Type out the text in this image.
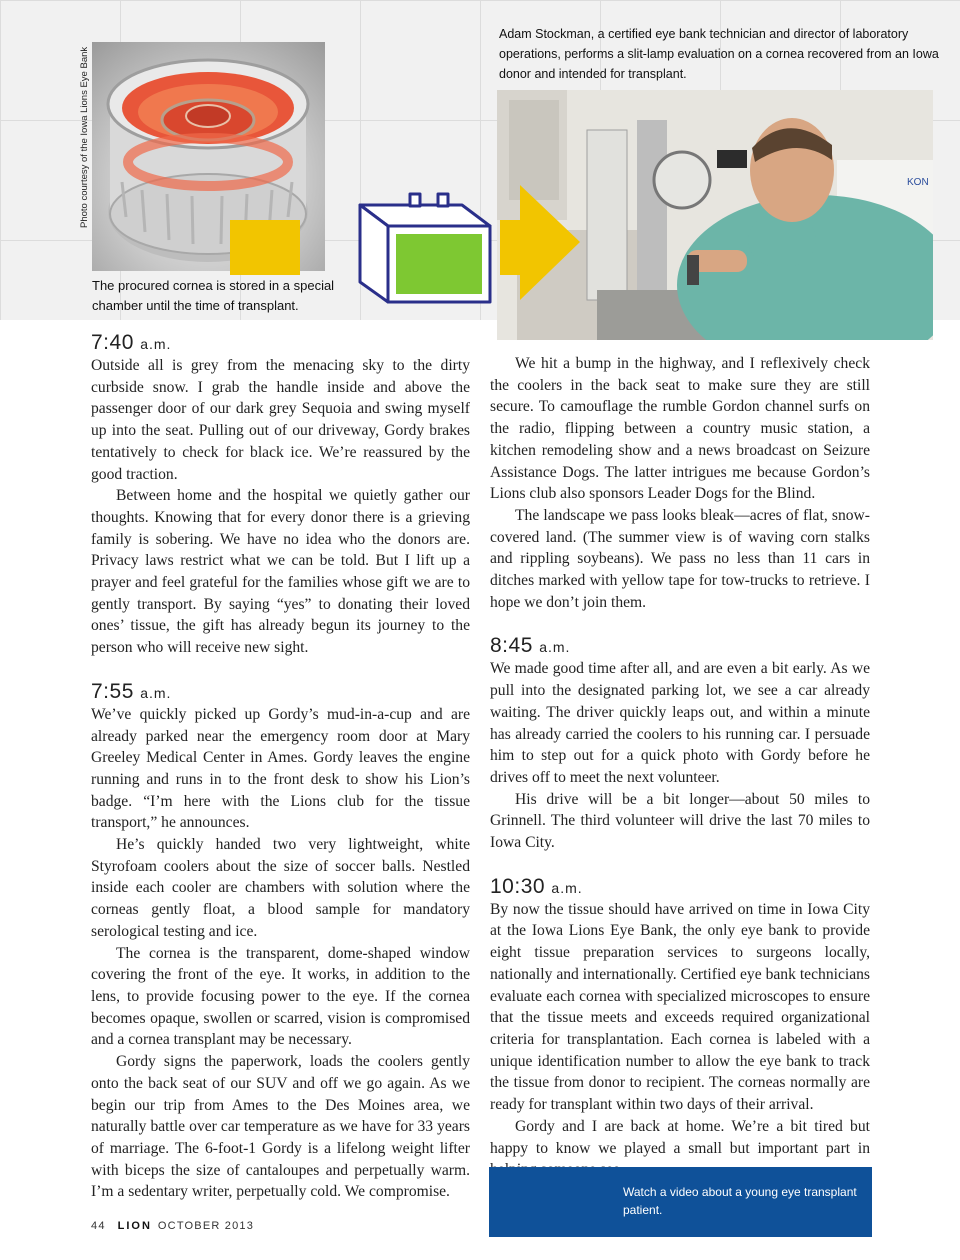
Photo courtesy of the Iowa Lions Eye Bank
The procured cornea is stored in a special chamber until the time of transplant.
Adam Stockman, a certified eye bank technician and director of laboratory operations, performs a slit-lamp evaluation on a cornea recovered from an Iowa donor and intended for transplant.
KON
7:40 a.m.

Outside all is grey from the menacing sky to the dirty curbside snow. I grab the handle inside and above the passenger door of our dark grey Sequoia and swing myself up into the seat. Pulling out of our driveway, Gordy brakes tentatively to check for black ice. We’re reassured by the good traction.

Between home and the hospital we quietly gather our thoughts. Knowing that for every donor there is a grieving family is sobering. We have no idea who the donors are. Privacy laws restrict what we can be told. But I lift up a prayer and feel grateful for the families whose gift we are to gently transport. By saying “yes” to donating their loved ones’ tissue, the gift has already begun its journey to the person who will receive new sight.

7:55 a.m.

We’ve quickly picked up Gordy’s mud-in-a-cup and are already parked near the emergency room door at Mary Greeley Medical Center in Ames. Gordy leaves the engine running and runs in to the front desk to show his Lion’s badge. “I’m here with the Lions club for the tissue transport,” he announces.

He’s quickly handed two very lightweight, white Styrofoam coolers about the size of soccer balls. Nestled inside each cooler are chambers with solution where the corneas gently float, a blood sample for mandatory serological testing and ice.

The cornea is the transparent, dome-shaped window covering the front of the eye. It works, in addition to the lens, to provide focusing power to the eye. If the cornea becomes opaque, swollen or scarred, vision is compromised and a cornea transplant may be necessary.

Gordy signs the paperwork, loads the coolers gently onto the back seat of our SUV and off we go again. As we begin our trip from Ames to the Des Moines area, we naturally battle over car temperature as we have for 33 years of marriage. The 6-foot-1 Gordy is a lifelong weight lifter with biceps the size of cantaloupes and perpetually warm. I’m a sedentary writer, perpetually cold. We compromise.

We hit a bump in the highway, and I reflexively check the coolers in the back seat to make sure they are still secure. To camouflage the rumble Gordon channel surfs on the radio, flipping between a country music station, a kitchen remodeling show and a news broadcast on Seizure Assistance Dogs. The latter intrigues me because Gordon’s Lions club also sponsors Leader Dogs for the Blind.

The landscape we pass looks bleak—acres of flat, snow-covered land. (The summer view is of waving corn stalks and rippling soybeans). We pass no less than 11 cars in ditches marked with yellow tape for tow-trucks to retrieve. I hope we don’t join them.

8:45 a.m.

We made good time after all, and are even a bit early. As we pull into the designated parking lot, we see a car already waiting. The driver quickly leaps out, and within a minute has already carried the coolers to his running car. I persuade him to step out for a quick photo with Gordy before he drives off to meet the next volunteer.

His drive will be a bit longer—about 50 miles to Grinnell. The third volunteer will drive the last 70 miles to Iowa City.

10:30 a.m.

By now the tissue should have arrived on time in Iowa City at the Iowa Lions Eye Bank, the only eye bank to provide eight tissue preparation services to surgeons locally, nationally and internationally. Certified eye bank technicians evaluate each cornea with specialized microscopes to ensure that the tissue meets and exceeds required organizational criteria for transplantation. Each cornea is labeled with a unique identification number to allow the eye bank to track the tissue from donor to recipient. The corneas normally are ready for transplant within two days of their arrival.

Gordy and I are back at home. We’re a bit tired but happy to know we played a small but important part in

Watch a video about a young eye transplant patient.
44 LION OCTOBER 2013
